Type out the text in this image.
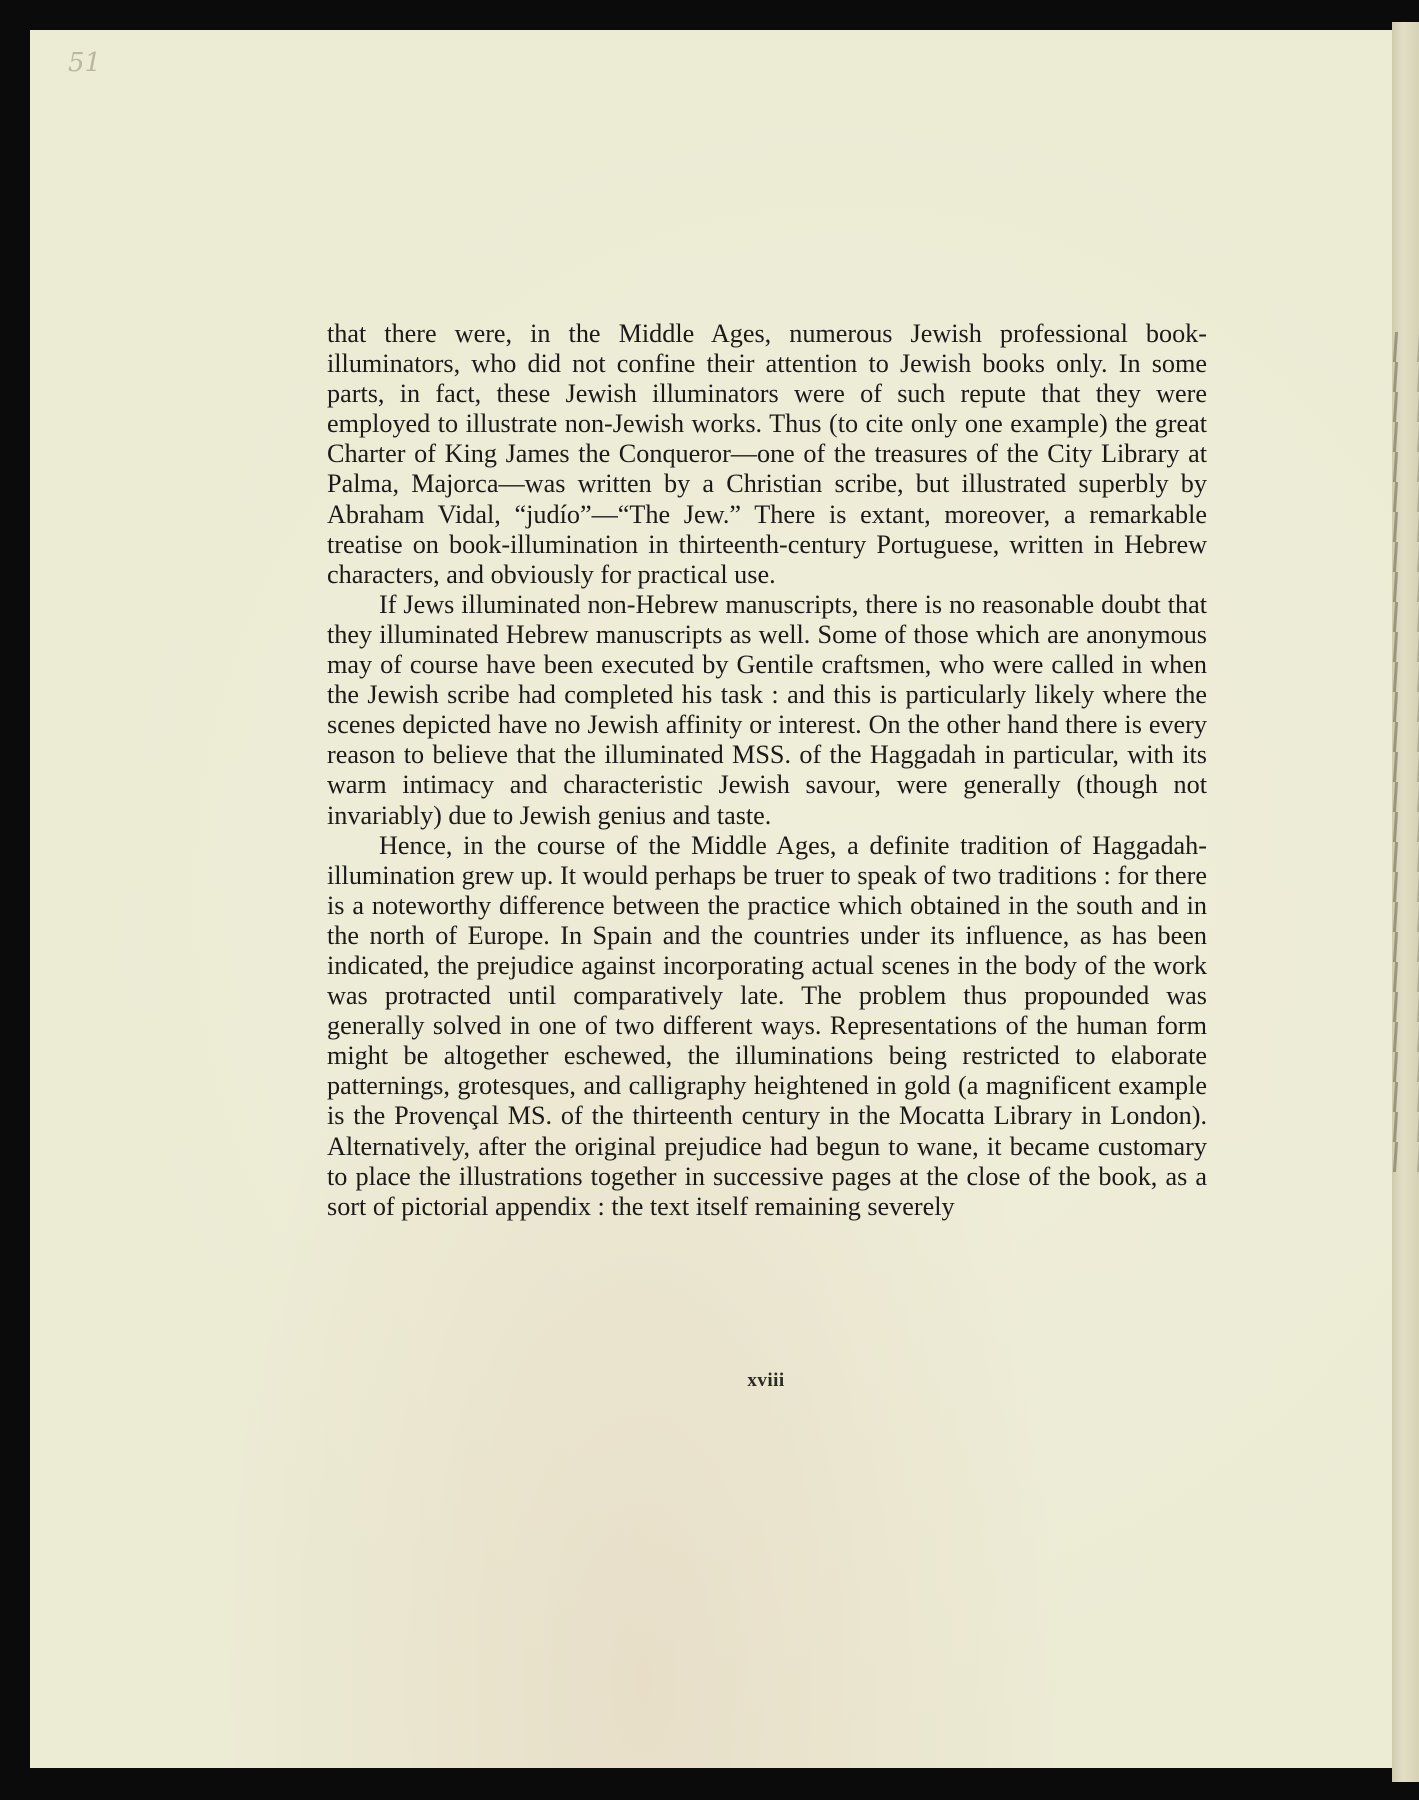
51

that there were, in the Middle Ages, numerous Jewish professional book-illuminators, who did not confine their attention to Jewish books only. In some parts, in fact, these Jewish illuminators were of such repute that they were employed to illustrate non-Jewish works. Thus (to cite only one example) the great Charter of King James the Conqueror—one of the treasures of the City Library at Palma, Majorca—was written by a Christian scribe, but illustrated superbly by Abraham Vidal, “judío”—“The Jew.” There is extant, moreover, a remarkable treatise on book-illumination in thirteenth-century Portuguese, written in Hebrew characters, and obviously for practical use.

If Jews illuminated non-Hebrew manuscripts, there is no reasonable doubt that they illuminated Hebrew manuscripts as well. Some of those which are anonymous may of course have been executed by Gentile craftsmen, who were called in when the Jewish scribe had completed his task : and this is particularly likely where the scenes depicted have no Jewish affinity or interest. On the other hand there is every reason to believe that the illuminated MSS. of the Haggadah in particular, with its warm intimacy and characteristic Jewish savour, were generally (though not invariably) due to Jewish genius and taste.

Hence, in the course of the Middle Ages, a definite tradition of Haggadah-illumination grew up. It would perhaps be truer to speak of two traditions : for there is a noteworthy difference between the practice which obtained in the south and in the north of Europe. In Spain and the countries under its influence, as has been indicated, the prejudice against incorporating actual scenes in the body of the work was protracted until comparatively late. The problem thus propounded was generally solved in one of two different ways. Representations of the human form might be altogether eschewed, the illuminations being restricted to elaborate patternings, grotesques, and calligraphy heightened in gold (a magnificent example is the Provençal MS. of the thirteenth century in the Mocatta Library in London). Alternatively, after the original prejudice had begun to wane, it became customary to place the illustrations together in successive pages at the close of the book, as a sort of pictorial appendix : the text itself remaining severely

xviii
